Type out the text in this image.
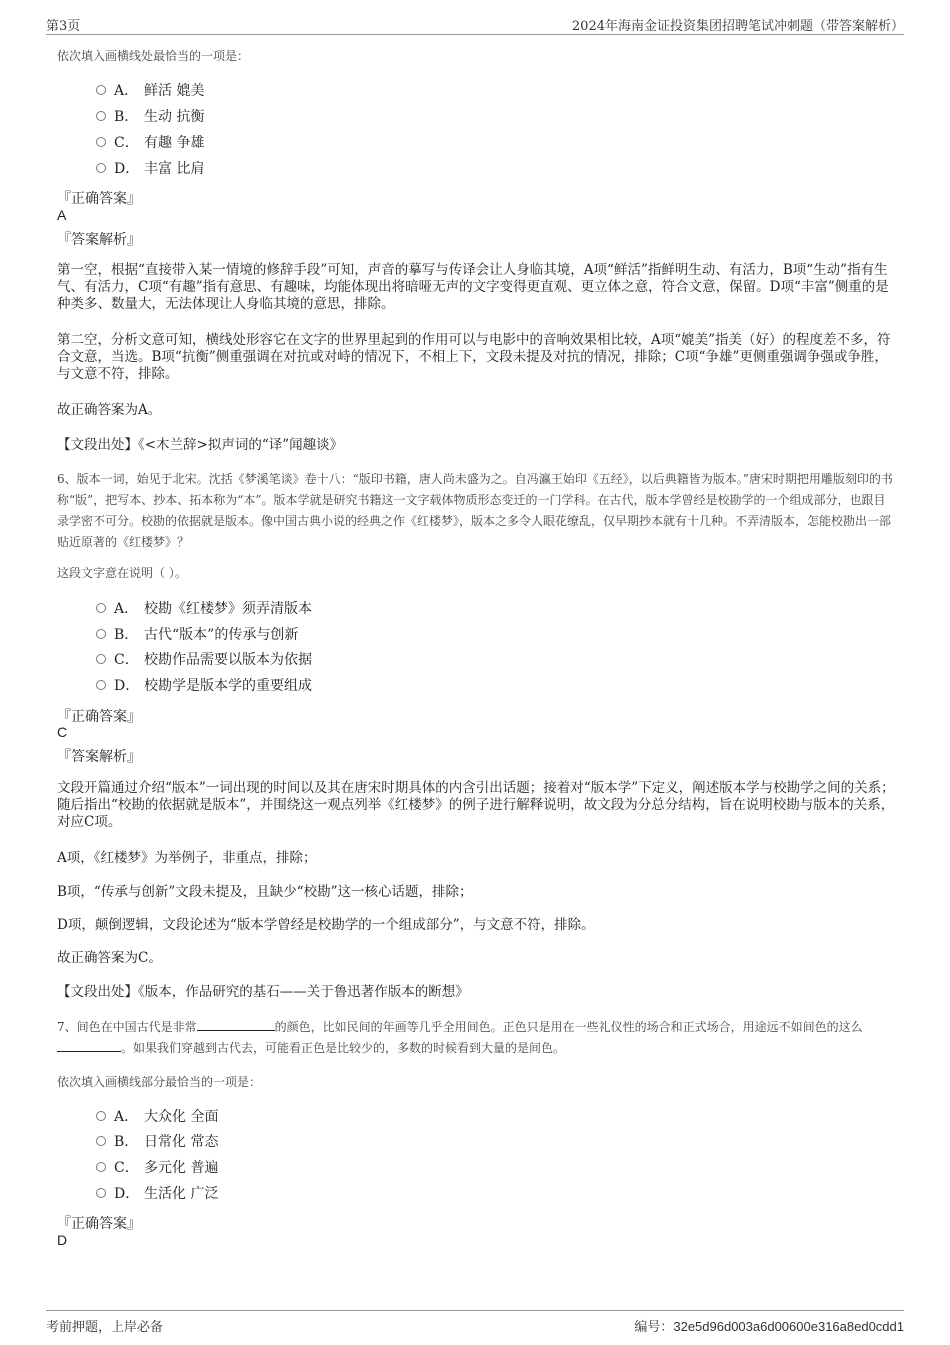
第3页	2024年海南金证投资集团招聘笔试冲刺题（带答案解析）
依次填入画横线处最恰当的一项是：
A． 鲜活 媲美
B． 生动 抗衡
C． 有趣 争雄
D． 丰富 比肩
『正确答案』
A
『答案解析』
第一空，根据“直接带入某一情境的修辞手段”可知，声音的摹写与传译会让人身临其境，A项“鲜活”指鲜明生动、有活力，B项“生动”指有生气、有活力，C项“有趣”指有意思、有趣味，均能体现出将暗哑无声的文字变得更直观、更立体之意，符合文意，保留。D项“丰富”侧重的是种类多、数量大，无法体现让人身临其境的意思，排除。
第二空，分析文意可知，横线处形容它在文字的世界里起到的作用可以与电影中的音响效果相比较，A项“媲美”指美（好）的程度差不多，符合文意，当选。B项“抗衡”侧重强调在对抗或对峙的情况下，不相上下，文段未提及对抗的情况，排除；C项“争雄”更侧重强调争强或争胜，与文意不符，排除。
故正确答案为A。
【文段出处】《<木兰辞>拟声词的“译”闻趣谈》
6、版本一词，始见于北宋。沈括《梦溪笔谈》卷十八：“版印书籍，唐人尚未盛为之。自冯瀛王始印《五经》，以后典籍皆为版本。”唐宋时期把用雕版刻印的书称“版”，把写本、抄本、拓本称为“本”。版本学就是研究书籍这一文字载体物质形态变迁的一门学科。在古代，版本学曾经是校勘学的一个组成部分，也跟目录学密不可分。校勘的依据就是版本。像中国古典小说的经典之作《红楼梦》，版本之多令人眼花缭乱，仅早期抄本就有十几种。不弄清版本，怎能校勘出一部贴近原著的《红楼梦》？
这段文字意在说明（ ）。
A． 校勘《红楼梦》须弄清版本
B． 古代“版本”的传承与创新
C． 校勘作品需要以版本为依据
D． 校勘学是版本学的重要组成
『正确答案』
C
『答案解析』
文段开篇通过介绍“版本”一词出现的时间以及其在唐宋时期具体的内含引出话题；接着对“版本学”下定义，阐述版本学与校勘学之间的关系；随后指出“校勘的依据就是版本”，并围绕这一观点列举《红楼梦》的例子进行解释说明，故文段为分总分结构，旨在说明校勘与版本的关系，对应C项。
A项，《红楼梦》为举例子，非重点，排除；
B项，“传承与创新”文段未提及，且缺少“校勘”这一核心话题，排除；
D项，颠倒逻辑，文段论述为“版本学曾经是校勘学的一个组成部分”，与文意不符，排除。
故正确答案为C。
【文段出处】《版本，作品研究的基石——关于鲁迅著作版本的断想》
7、间色在中国古代是非常	的颜色，比如民间的年画等几乎全用间色。正色只是用在一些礼仪性的场合和正式场合，用途远不如间色的这么。如果我们穿越到古代去，可能看正色是比较少的，多数的时候看到大量的是间色。
依次填入画横线部分最恰当的一项是：
A． 大众化 全面
B． 日常化 常态
C． 多元化 普遍
D． 生活化 广泛
『正确答案』
D
考前押题，上岸必备	编号：32e5d96d003a6d00600e316a8ed0cdd1
